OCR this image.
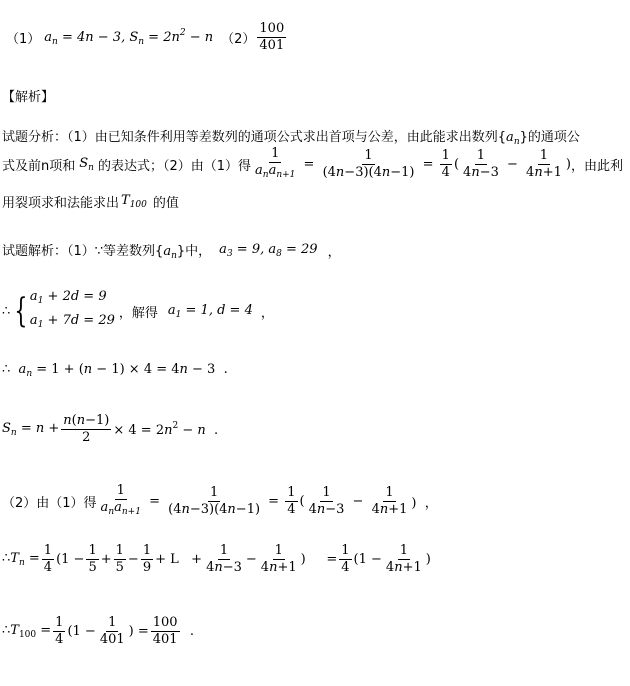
（1） $a_n = 4n - 3$, $S_n = 2n^2 - n$ $(2) \frac{100}{401}$
【解析】
试题分析：（1）由已知条件利用等差数列的通项公式求出首项与公差，由此能求出数列$\{a_n\}$的通项公
式及前n项和 $S_n$ 的表达式；（2）由（1）得 $\frac{1}{a_na_{n+1}} = \frac{1}{(4n-3)(4n-1)} = \frac{1}{4}$ ( $\frac{1}{4n-3} - \frac{1}{4n+1}$ ) ，由此利
用裂项求和法能求出 $T_{100}$ 的值
试题解析：（1）∵等差数列$\{a_n\}$中， $a_3 = 9$, $a_8 = 29$ ，
∴ { $a_1 + 2d = 9$
$a_1 + 7d = 29$ ，解得 $a_1 = 1$, d = 4 ，
∴  $a_n = 1 + (n - 1) \times 4 = 4n - 3$  .
$S_n = n + \frac{n(n-1)}{2} \times 4 = 2n^2 - n$  .
（2）由（1）得 $\frac{1}{a_na_{n+1}} = \frac{1}{(4n-3)(4n-1)} = \frac{1}{4}$ ( $\frac{1}{4n-3} - \frac{1}{4n+1}$ )  ，
$\therefore T_n = \frac{1}{4} (1 - \frac{1}{5} + \frac{1}{5} - \frac{1}{9} + L + \frac{1}{4n-3} - \frac{1}{4n+1}$ )     = $\frac{1}{4} (1 - \frac{1}{4n+1}$ )
$\therefore T_{100} = \frac{1}{4} (1 - \frac{1}{401}$ ) = $\frac{100}{401}$ .
